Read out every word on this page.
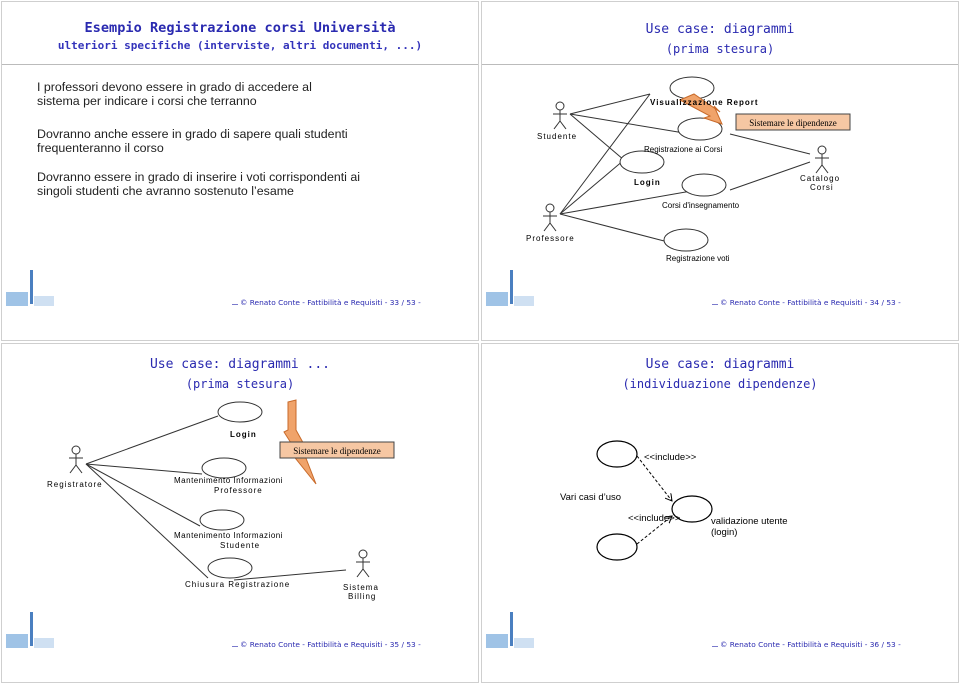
Esempio Registrazione corsi Università
ulteriori specifiche (interviste, altri documenti, ...)
I professori devono essere in grado di accedere al sistema per indicare i corsi che terranno
Dovranno anche essere in grado di sapere quali studenti frequenteranno il corso
Dovranno essere in grado di inserire i voti corrispondenti ai singoli studenti che avranno sostenuto l’esame
© Renato Conte - Fattibilità e Requisiti - 33 / 53 -
Use case: diagrammi
(prima stesura)
Studente
Professore
Catalogo
Corsi
Visualizzazione Report
Registrazione ai Corsi
Login
Corsi d'insegnamento
Registrazione voti
Sistemare le dipendenze
© Renato Conte - Fattibilità e Requisiti - 34 / 53 -
Use case: diagrammi ...
(prima stesura)
Sistemare le dipendenze
Registratore
Sistema
Billing
Login
Mantenimento Informazioni
Professore
Mantenimento Informazioni
Studente
Chiusura Registrazione
© Renato Conte - Fattibilità e Requisiti - 35 / 53 -
Use case: diagrammi
(individuazione dipendenze)
<<include>>
Vari casi d’uso
<<include>>	validazione utente
(login)
© Renato Conte - Fattibilità e Requisiti - 36 / 53 -
